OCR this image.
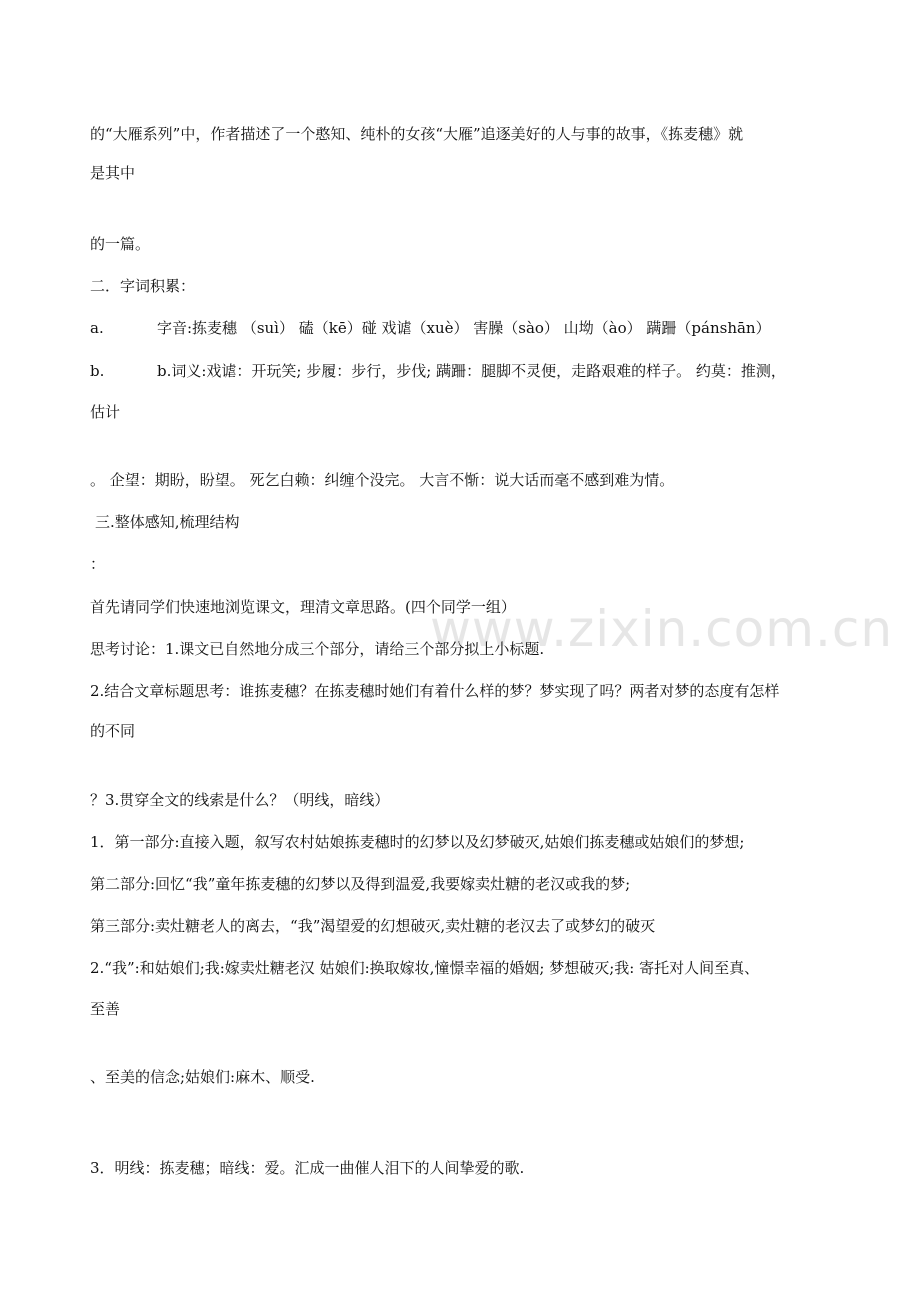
www.zixin.com.cn
的“大雁系列”中，作者描述了一个憨知、纯朴的女孩“大雁”追逐美好的人与事的故事，《拣麦穗》就
是其中
的一篇。
二．字词积累：
a.	字音:拣麦穗 （suì） 磕（kē）碰 戏谑（xuè） 害臊（sào） 山坳（ào） 蹒跚（pánshān）
b.	b.词义:戏谑：开玩笑; 步履：步行，步伐; 蹒跚：腿脚不灵便，走路艰难的样子。 约莫：推测，
估计
。 企望：期盼，盼望。 死乞白赖：纠缠个没完。 大言不惭：说大话而毫不感到难为情。
三.整体感知,梳理结构
：
首先请同学们快速地浏览课文，理清文章思路。(四个同学一组）
思考讨论：1.课文已自然地分成三个部分，请给三个部分拟上小标题.
2.结合文章标题思考：谁拣麦穗？在拣麦穗时她们有着什么样的梦？梦实现了吗？两者对梦的态度有怎样
的不同
？3.贯穿全文的线索是什么？（明线，暗线）
1．第一部分:直接入题，叙写农村姑娘拣麦穗时的幻梦以及幻梦破灭,姑娘们拣麦穗或姑娘们的梦想;
第二部分:回忆“我”童年拣麦穗的幻梦以及得到温爱,我要嫁卖灶糖的老汉或我的梦;
第三部分:卖灶糖老人的离去，“我”渴望爱的幻想破灭,卖灶糖的老汉去了或梦幻的破灭
2.“我”:和姑娘们;我:嫁卖灶糖老汉 姑娘们:换取嫁妆,憧憬幸福的婚姻; 梦想破灭;我: 寄托对人间至真、
至善
、至美的信念;姑娘们:麻木、顺受.
3．明线：拣麦穗；暗线：爱。汇成一曲催人泪下的人间挚爱的歌.
